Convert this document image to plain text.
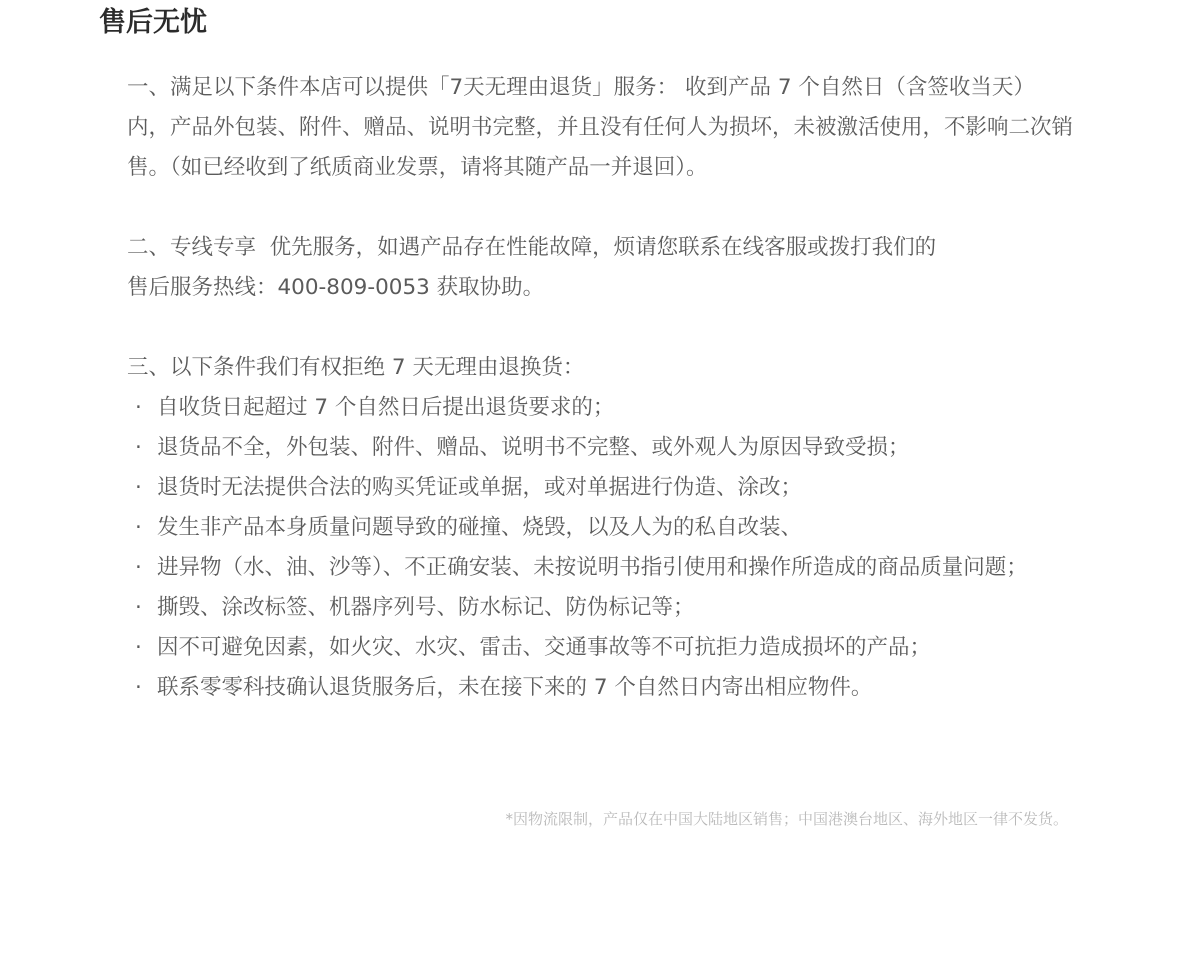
售后无忧

一、满足以下条件本店可以提供「7天无理由退货」服务： 收到产品 7 个自然日（含签收当天）内，产品外包装、附件、赠品、说明书完整，并且没有任何人为损坏，未被激活使用，不影响二次销售。（如已经收到了纸质商业发票，请将其随产品一并退回）。

二、专线专享  优先服务，如遇产品存在性能故障，烦请您联系在线客服或拨打我们的

售后服务热线：400-809-0053 获取协助。

三、以下条件我们有权拒绝 7 天无理由退换货：

· 自收货日起超过 7 个自然日后提出退货要求的；
· 退货品不全，外包装、附件、赠品、说明书不完整、或外观人为原因导致受损；
· 退货时无法提供合法的购买凭证或单据，或对单据进行伪造、涂改；
· 发生非产品本身质量问题导致的碰撞、烧毁，以及人为的私自改装、
· 进异物（水、油、沙等）、不正确安装、未按说明书指引使用和操作所造成的商品质量问题；
· 撕毁、涂改标签、机器序列号、防水标记、防伪标记等；
· 因不可避免因素，如火灾、水灾、雷击、交通事故等不可抗拒力造成损坏的产品；
· 联系零零科技确认退货服务后，未在接下来的 7 个自然日内寄出相应物件。

*因物流限制，产品仅在中国大陆地区销售；中国港澳台地区、海外地区一律不发货。
